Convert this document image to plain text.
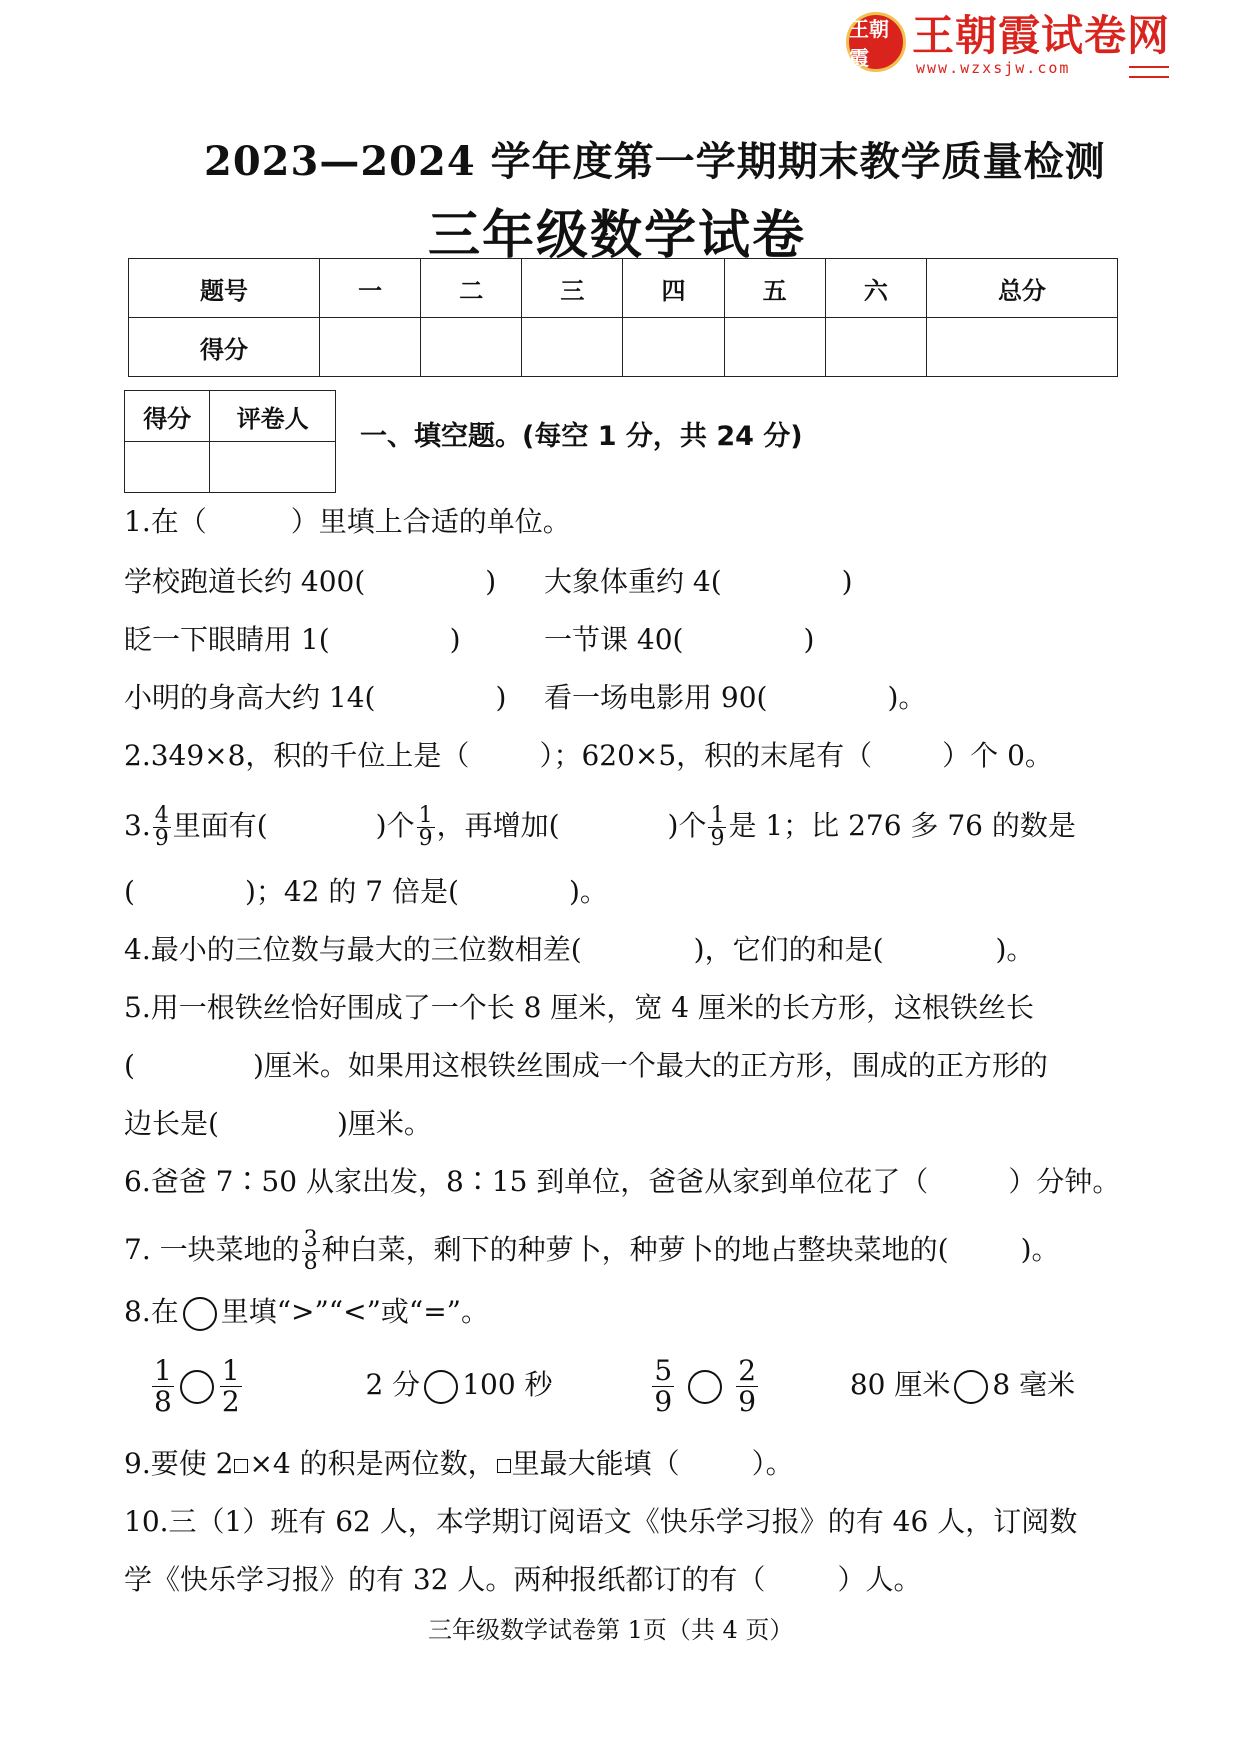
王朝霞	王朝霞试卷网
www.wzxsjw.com
2023—2024 学年度第一学期期末教学质量检测
三年级数学试卷
题号	一	二	三	四	五	六	总分
得分							
得分	评卷人

一、填空题。(每空 1 分，共 24 分)
1.在（	）里填上合适的单位。
学校跑道长约 400(	) 大象体重约 4(	)
眨一下眼睛用 1(	)	一节课 40(	)
小明的身高大约 14(	) 看一场电影用 90(	)。
2.349×8，积的千位上是（	）；620×5，积的末尾有（	）个 0。
3. $\frac{4}{9}$ 里面有(	)个 $\frac{1}{9}$ ，再增加(	)个 $\frac{1}{9}$ 是 1；比 276 多 76 的数是
(	)；42 的 7 倍是(	)。
4.最小的三位数与最大的三位数相差(	)，它们的和是(	)。
5.用一根铁丝恰好围成了一个长 8 厘米，宽 4 厘米的长方形，这根铁丝长
(	)厘米。如果用这根铁丝围成一个最大的正方形，围成的正方形的
边长是(	)厘米。
6.爸爸 7∶50 从家出发，8∶15 到单位，爸爸从家到单位花了（	）分钟。
7. 一块菜地的 $\frac{3}{8}$ 种白菜，剩下的种萝卜，种萝卜的地占整块菜地的(	)。
8.在 里填“>”“<”或“=”。
$\frac{1}{8} \frac{1}{2}$	2 分 100 秒	$\frac{5}{9} \frac{2}{9}$	80 厘米 8 毫米
9.要使 2 ×4 的积是两位数， 里最大能填（	）。
10.三（1）班有 62 人，本学期订阅语文《快乐学习报》的有 46 人，订阅数
学《快乐学习报》的有 32 人。两种报纸都订的有（	）人。
三年级数学试卷第 1页（共 4 页）
